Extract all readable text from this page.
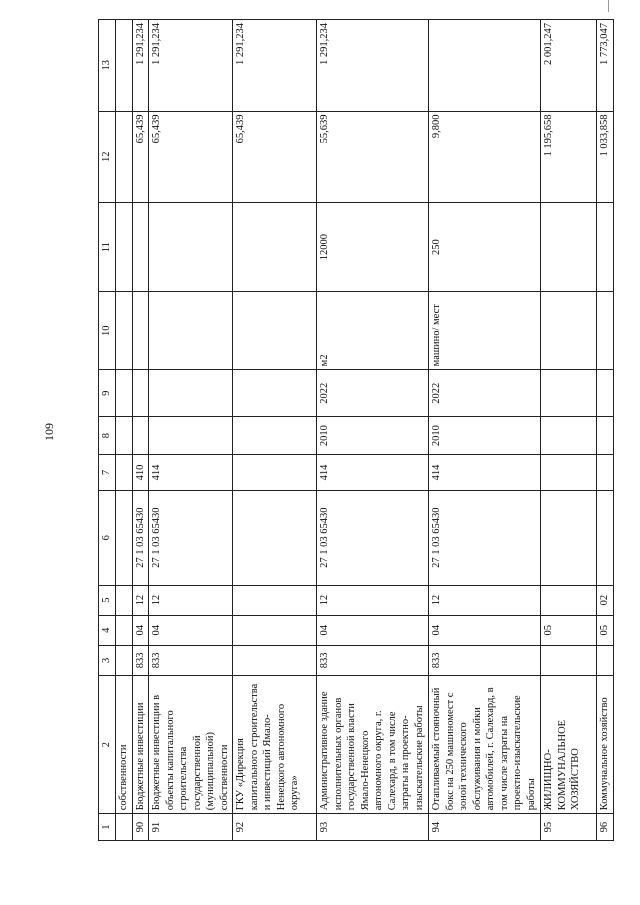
109
1	2	3	4	5	6	7	8	9	10	11	12	13
	собственности											
90	Бюджетные инвестиции	833	04	12	27 1 03 65430	410					65,439	1 291,234
91	Бюджетные инвестиции в объекты капитального строительства государственной (муниципальной) собственности	833	04	12	27 1 03 65430	414					65,439	1 291,234
92	ГКУ «Дирекция капитального строительства и инвестиций Ямало-Ненецкого автономного округа»										65,439	1 291,234
93	Административное здание исполнительных органов государственной власти Ямало-Ненецкого автономного округа, г. Салехард, в том числе затраты на проектно-изыскательские работы	833	04	12	27 1 03 65430	414	2010	2022	м2	12000	55,639	1 291,234
94	Отапливаемый стояночный бокс на 250 машиномест с зоной технического обслуживания и мойки автомобилей, г. Салехард, в том числе затраты на проектно-изыскательские работы	833	04	12	27 1 03 65430	414	2010	2022	машино/ мест	250	9,800	
95	ЖИЛИЩНО-КОММУНАЛЬНОЕ ХОЗЯЙСТВО		05								1 195,658	2 001,247
96	Коммунальное хозяйство		05	02							1 033,858	1 773,047
